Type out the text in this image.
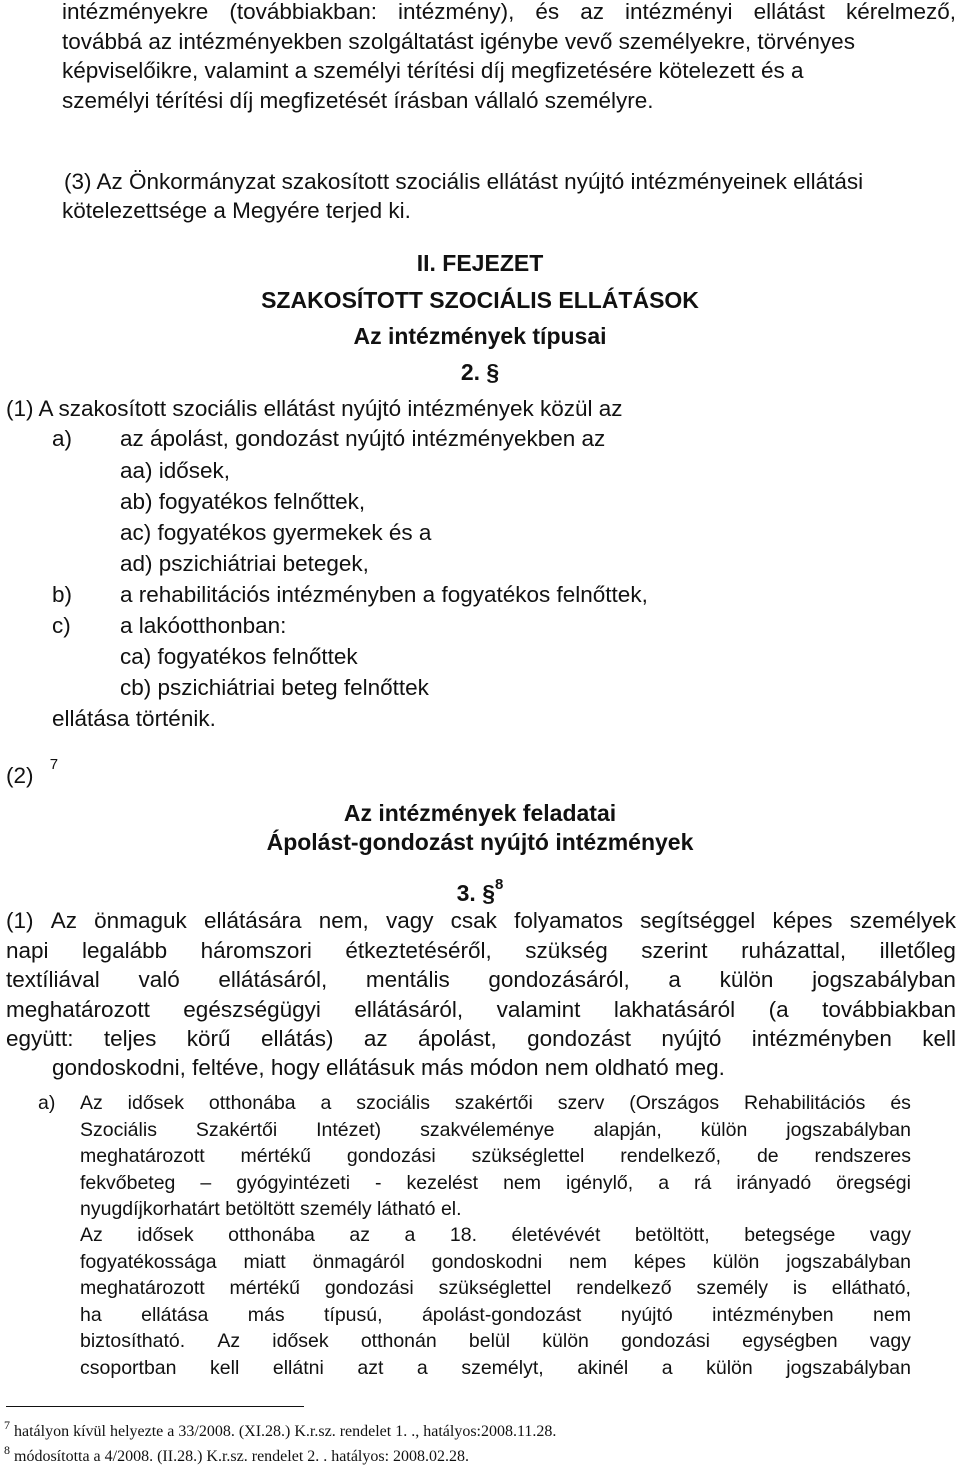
intézményekre (továbbiakban: intézmény), és az intézményi ellátást kérelmező,
továbbá az intézményekben szolgáltatást igénybe vevő személyekre, törvényes
képviselőikre, valamint a személyi térítési díj megfizetésére kötelezett és a
személyi térítési díj megfizetését írásban vállaló személyre.
(3) Az Önkormányzat szakosított szociális ellátást nyújtó intézményeinek ellátási
kötelezettsége a Megyére terjed ki.
II. FEJEZET
SZAKOSÍTOTT SZOCIÁLIS ELLÁTÁSOK
Az intézmények típusai
2. §
(1) A szakosított szociális ellátást nyújtó intézmények közül az
a) az ápolást, gondozást nyújtó intézményekben az
aa) idősek,
ab) fogyatékos felnőttek,
ac) fogyatékos gyermekek és a
ad) pszichiátriai betegek,
b) a rehabilitációs intézményben a fogyatékos felnőttek,
c) a lakóotthonban:
ca) fogyatékos felnőttek
cb) pszichiátriai beteg felnőttek
ellátása történik.
(2) $^7$
Az intézmények feladatai
Ápolást-gondozást nyújtó intézmények
3. §$^8$
(1) Az önmaguk ellátására nem, vagy csak folyamatos segítséggel képes személyek
napi legalább háromszori étkeztetéséről, szükség szerint ruházattal, illetőleg
textíliával való ellátásáról, mentális gondozásáról, a külön jogszabályban
meghatározott egészségügyi ellátásáról, valamint lakhatásáról (a továbbiakban
együtt: teljes körű ellátás) az ápolást, gondozást nyújtó intézményben kell
gondoskodni, feltéve, hogy ellátásuk más módon nem oldható meg.
a) Az idősek otthonába a szociális szakértői szerv (Országos Rehabilitációs és
Szociális Szakértői Intézet) szakvéleménye alapján, külön jogszabályban
meghatározott mértékű gondozási szükséglettel rendelkező, de rendszeres
fekvőbeteg – gyógyintézeti - kezelést nem igénylő, a rá irányadó öregségi
nyugdíjkorhatárt betöltött személy látható el.
Az idősek otthonába az a 18. életévévét betöltött, betegsége vagy
fogyatékossága miatt önmagáról gondoskodni nem képes külön jogszabályban
meghatározott mértékű gondozási szükséglettel rendelkező személy is ellátható,
ha ellátása más típusú, ápolást-gondozást nyújtó intézményben nem
biztosítható. Az idősek otthonán belül külön gondozási egységben vagy
csoportban kell ellátni azt a személyt, akinél a külön jogszabályban
$^7$ hatályon kívül helyezte a 33/2008. (XI.28.) K.r.sz. rendelet 1. ., hatályos:2008.11.28.
$^8$ módosította a 4/2008. (II.28.) K.r.sz. rendelet 2. . hatályos: 2008.02.28.
